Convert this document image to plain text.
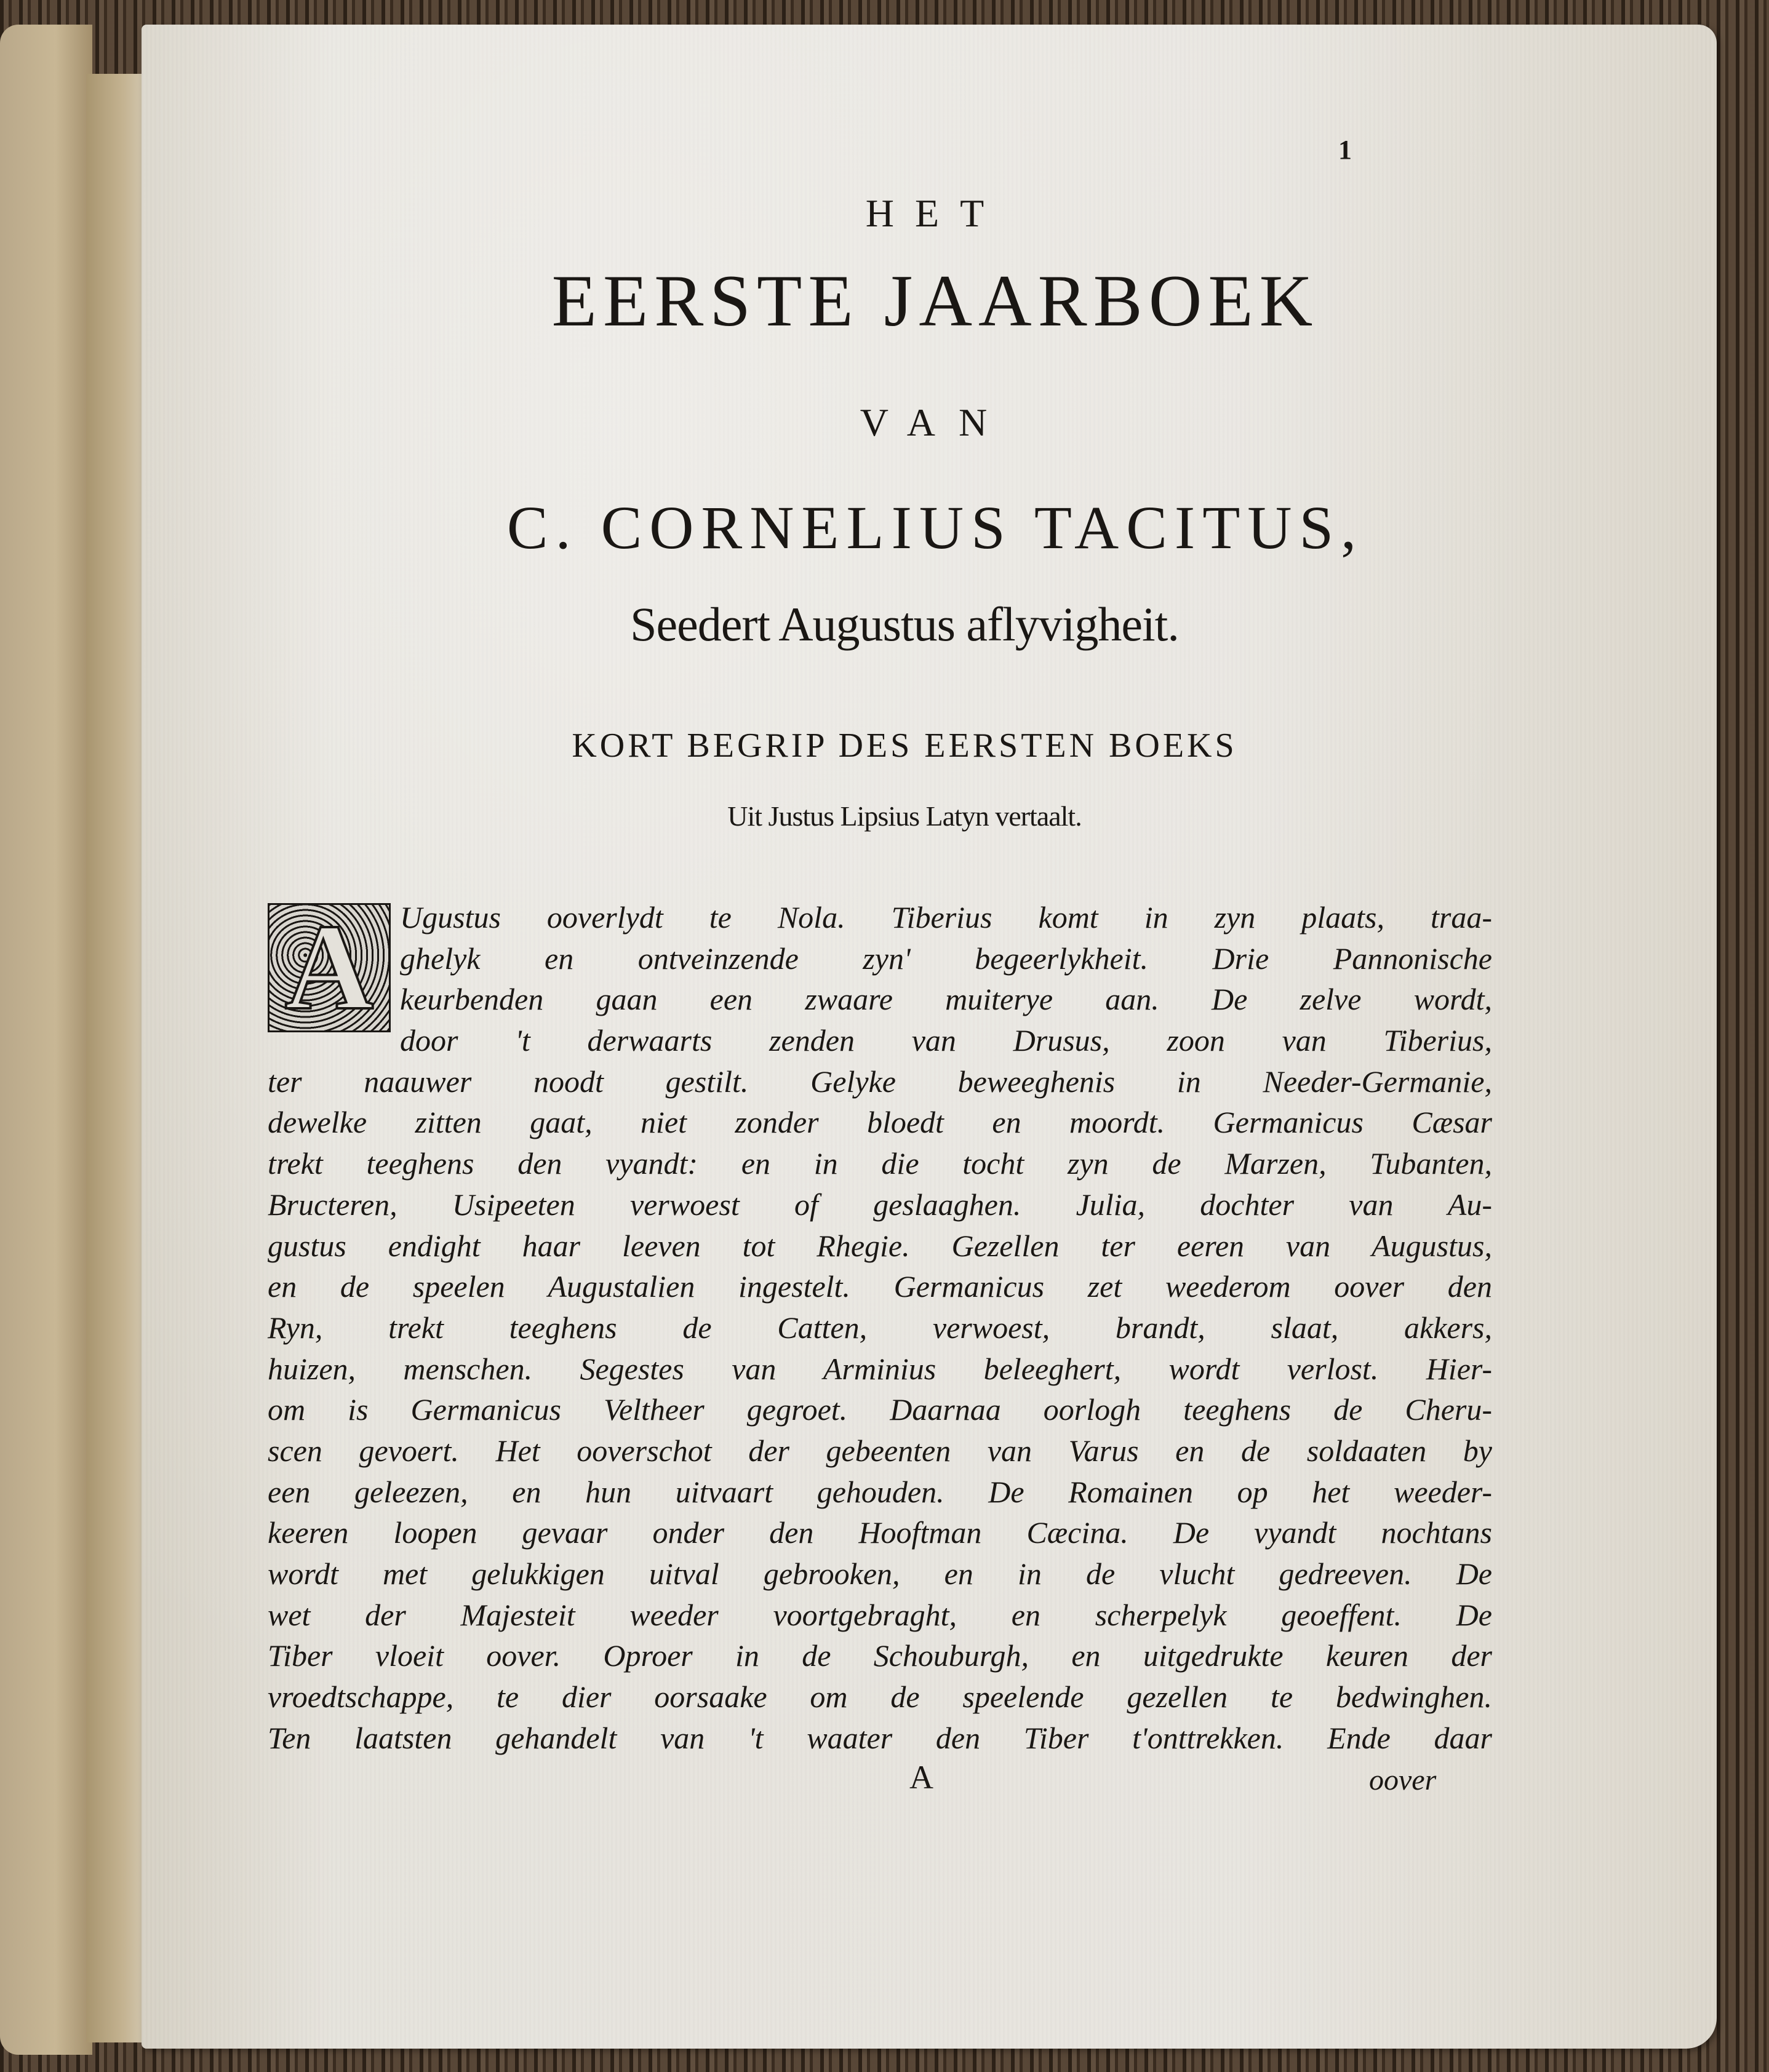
1
HET
EERSTE JAARBOEK
VAN
C. CORNELIUS TACITUS,
Seedert Augustus aflyvigheit.
KORT BEGRIP DES EERSTEN BOEKS
Uit Justus Lipsius Latyn vertaalt.
Ugustus ooverlydt te Nola. Tiberius komt in zyn plaats, traa-
ghelyk en ontveinzende zyn' begeerlykheit. Drie Pannonische
keurbenden gaan een zwaare muiterye aan. De zelve wordt,
door 't derwaarts zenden van Drusus, zoon van Tiberius,
ter naauwer noodt gestilt. Gelyke beweeghenis in Needer-Germanie,
dewelke zitten gaat, niet zonder bloedt en moordt. Germanicus Cæsar
trekt teeghens den vyandt: en in die tocht zyn de Marzen, Tubanten,
Bructeren, Usipeeten verwoest of geslaaghen. Julia, dochter van Au-
gustus endight haar leeven tot Rhegie. Gezellen ter eeren van Augustus,
en de speelen Augustalien ingestelt. Germanicus zet weederom oover den
Ryn, trekt teeghens de Catten, verwoest, brandt, slaat, akkers,
huizen, menschen. Segestes van Arminius beleeghert, wordt verlost. Hier-
om is Germanicus Veltheer gegroet. Daarnaa oorlogh teeghens de Cheru-
scen gevoert. Het ooverschot der gebeenten van Varus en de soldaaten by
een geleezen, en hun uitvaart gehouden. De Romainen op het weeder-
keeren loopen gevaar onder den Hooftman Cæcina. De vyandt nochtans
wordt met gelukkigen uitval gebrooken, en in de vlucht gedreeven. De
wet der Majesteit weeder voortgebraght, en scherpelyk geoeffent. De
Tiber vloeit oover. Oproer in de Schouburgh, en uitgedrukte keuren der
vroedtschappe, te dier oorsaake om de speelende gezellen te bedwinghen.
Ten laatsten gehandelt van 't waater den Tiber t'onttrekken. Ende daar
A
A	oover
